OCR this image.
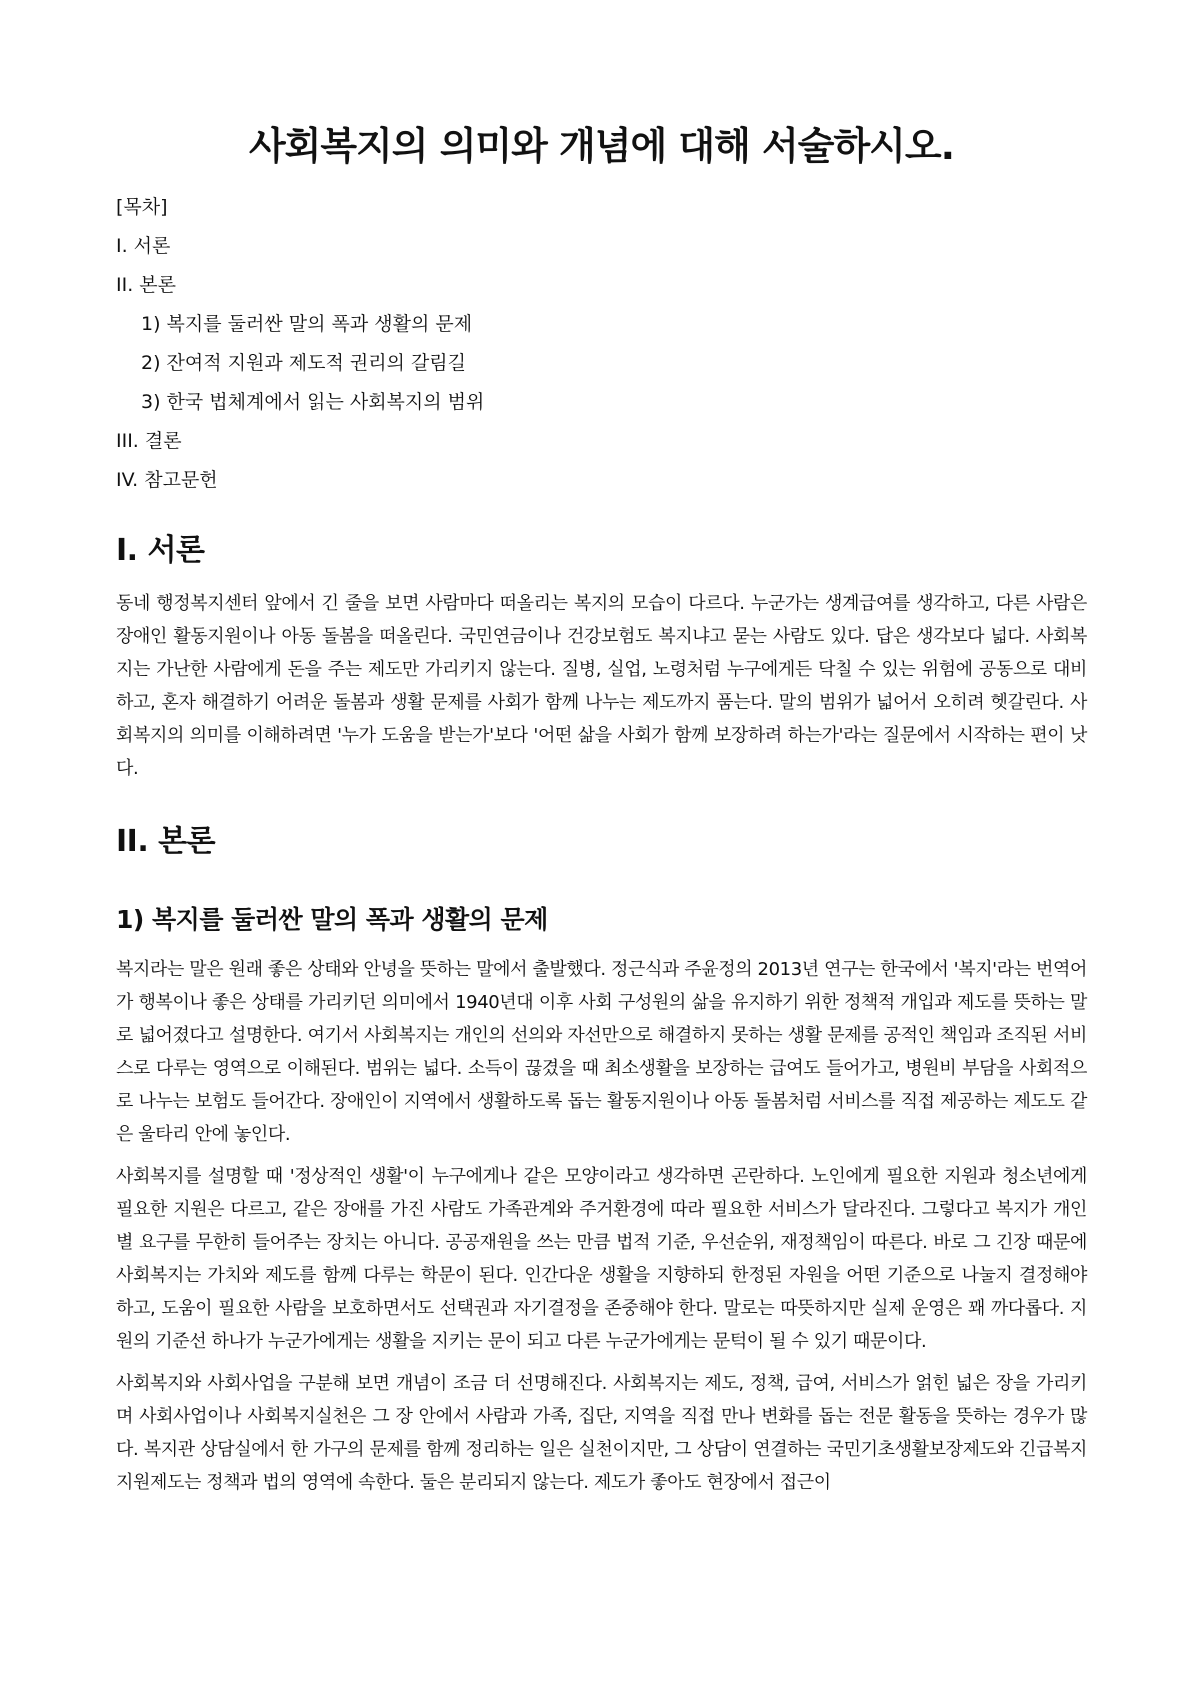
사회복지의 의미와 개념에 대해 서술하시오.
[목차]
I. 서론
II. 본론
1) 복지를 둘러싼 말의 폭과 생활의 문제
2) 잔여적 지원과 제도적 권리의 갈림길
3) 한국 법체계에서 읽는 사회복지의 범위
III. 결론
IV. 참고문헌
I. 서론

동네 행정복지센터 앞에서 긴 줄을 보면 사람마다 떠올리는 복지의 모습이 다르다. 누군가는 생계급여를 생각하고, 다른 사람은 장애인 활동지원이나 아동 돌봄을 떠올린다. 국민연금이나 건강보험도 복지냐고 묻는 사람도 있다. 답은 생각보다 넓다. 사회복지는 가난한 사람에게 돈을 주는 제도만 가리키지 않는다. 질병, 실업, 노령처럼 누구에게든 닥칠 수 있는 위험에 공동으로 대비하고, 혼자 해결하기 어려운 돌봄과 생활 문제를 사회가 함께 나누는 제도까지 품는다. 말의 범위가 넓어서 오히려 헷갈린다. 사회복지의 의미를 이해하려면 '누가 도움을 받는가'보다 '어떤 삶을 사회가 함께 보장하려 하는가'라는 질문에서 시작하는 편이 낫다.

II. 본론
1) 복지를 둘러싼 말의 폭과 생활의 문제

복지라는 말은 원래 좋은 상태와 안녕을 뜻하는 말에서 출발했다. 정근식과 주윤정의 2013년 연구는 한국에서 '복지'라는 번역어가 행복이나 좋은 상태를 가리키던 의미에서 1940년대 이후 사회 구성원의 삶을 유지하기 위한 정책적 개입과 제도를 뜻하는 말로 넓어졌다고 설명한다. 여기서 사회복지는 개인의 선의와 자선만으로 해결하지 못하는 생활 문제를 공적인 책임과 조직된 서비스로 다루는 영역으로 이해된다. 범위는 넓다. 소득이 끊겼을 때 최소생활을 보장하는 급여도 들어가고, 병원비 부담을 사회적으로 나누는 보험도 들어간다. 장애인이 지역에서 생활하도록 돕는 활동지원이나 아동 돌봄처럼 서비스를 직접 제공하는 제도도 같은 울타리 안에 놓인다.

사회복지를 설명할 때 '정상적인 생활'이 누구에게나 같은 모양이라고 생각하면 곤란하다. 노인에게 필요한 지원과 청소년에게 필요한 지원은 다르고, 같은 장애를 가진 사람도 가족관계와 주거환경에 따라 필요한 서비스가 달라진다. 그렇다고 복지가 개인별 요구를 무한히 들어주는 장치는 아니다. 공공재원을 쓰는 만큼 법적 기준, 우선순위, 재정책임이 따른다. 바로 그 긴장 때문에 사회복지는 가치와 제도를 함께 다루는 학문이 된다. 인간다운 생활을 지향하되 한정된 자원을 어떤 기준으로 나눌지 결정해야 하고, 도움이 필요한 사람을 보호하면서도 선택권과 자기결정을 존중해야 한다. 말로는 따뜻하지만 실제 운영은 꽤 까다롭다. 지원의 기준선 하나가 누군가에게는 생활을 지키는 문이 되고 다른 누군가에게는 문턱이 될 수 있기 때문이다.

사회복지와 사회사업을 구분해 보면 개념이 조금 더 선명해진다. 사회복지는 제도, 정책, 급여, 서비스가 얽힌 넓은 장을 가리키며 사회사업이나 사회복지실천은 그 장 안에서 사람과 가족, 집단, 지역을 직접 만나 변화를 돕는 전문 활동을 뜻하는 경우가 많다. 복지관 상담실에서 한 가구의 문제를 함께 정리하는 일은 실천이지만, 그 상담이 연결하는 국민기초생활보장제도와 긴급복지지원제도는 정책과 법의 영역에 속한다. 둘은 분리되지 않는다. 제도가 좋아도 현장에서 접근이
